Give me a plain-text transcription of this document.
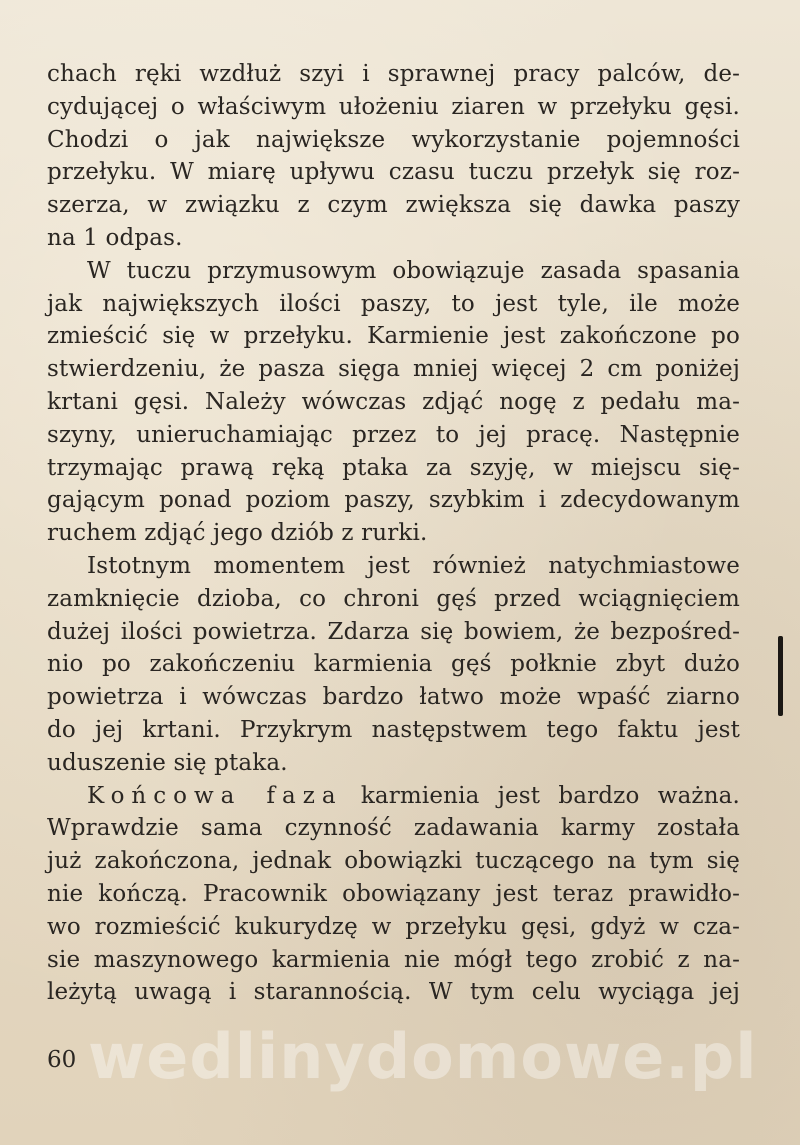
chach ręki wzdłuż szyi i sprawnej pracy palców, de-
cydującej o właściwym ułożeniu ziaren w przełyku gęsi.
Chodzi o jak największe wykorzystanie pojemności
przełyku. W miarę upływu czasu tuczu przełyk się roz-
szerza, w związku z czym zwiększa się dawka paszy
na 1 odpas.
W tuczu przymusowym obowiązuje zasada spasania
jak największych ilości paszy, to jest tyle, ile może
zmieścić się w przełyku. Karmienie jest zakończone po
stwierdzeniu, że pasza sięga mniej więcej 2 cm poniżej
krtani gęsi. Należy wówczas zdjąć nogę z pedału ma-
szyny, unieruchamiając przez to jej pracę. Następnie
trzymając prawą ręką ptaka za szyję, w miejscu się-
gającym ponad poziom paszy, szybkim i zdecydowanym
ruchem zdjąć jego dziób z rurki.
Istotnym momentem jest również natychmiastowe
zamknięcie dzioba, co chroni gęś przed wciągnięciem
dużej ilości powietrza. Zdarza się bowiem, że bezpośred-
nio po zakończeniu karmienia gęś połknie zbyt dużo
powietrza i wówczas bardzo łatwo może wpaść ziarno
do jej krtani. Przykrym następstwem tego faktu jest
uduszenie się ptaka.
Końcowa faza karmienia jest bardzo ważna.
Wprawdzie sama czynność zadawania karmy została
już zakończona, jednak obowiązki tuczącego na tym się
nie kończą. Pracownik obowiązany jest teraz prawidło-
wo rozmieścić kukurydzę w przełyku gęsi, gdyż w cza-
sie maszynowego karmienia nie mógł tego zrobić z na-
leżytą uwagą i starannością. W tym celu wyciąga jej
wedlinydomowe.pl
60
